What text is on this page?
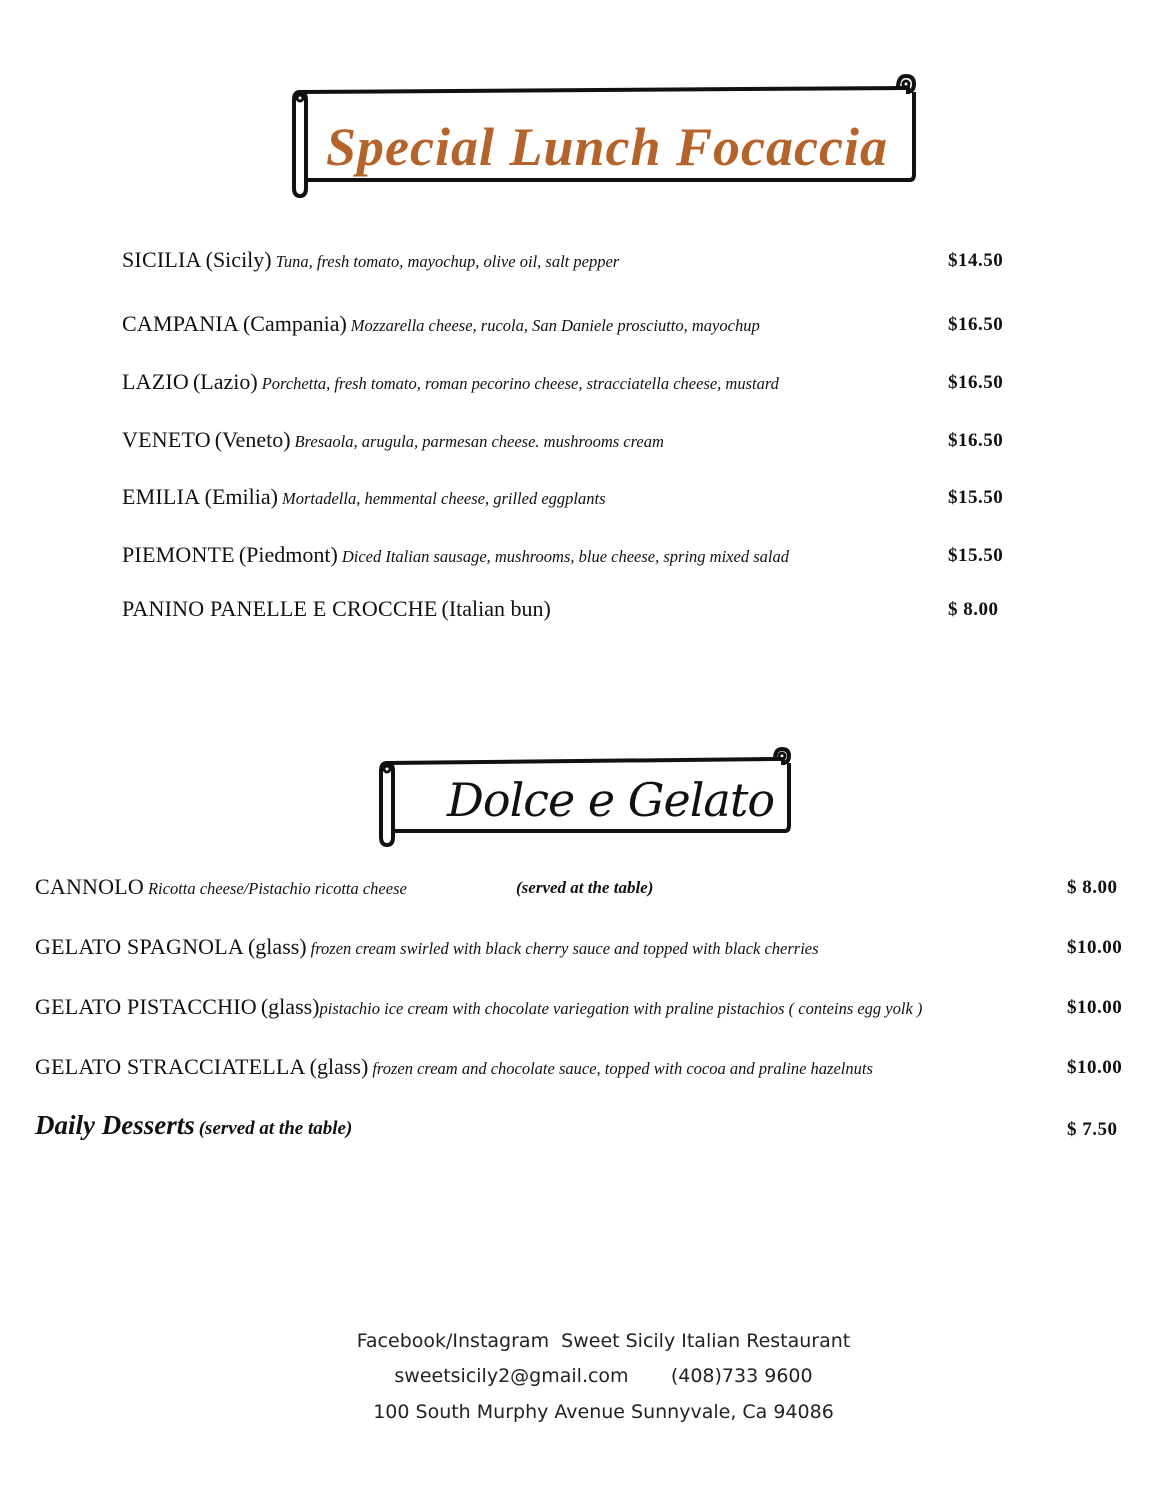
Special Lunch Focaccia
SICILIA (Sicily) Tuna, fresh tomato, mayochup, olive oil, salt pepper	$14.50
CAMPANIA (Campania) Mozzarella cheese, rucola, San Daniele prosciutto, mayochup	$16.50
LAZIO (Lazio) Porchetta, fresh tomato, roman pecorino cheese, stracciatella cheese, mustard	$16.50
VENETO (Veneto) Bresaola, arugula, parmesan cheese. mushrooms cream	$16.50
EMILIA (Emilia) Mortadella, hemmental cheese, grilled eggplants	$15.50
PIEMONTE (Piedmont) Diced Italian sausage, mushrooms, blue cheese, spring mixed salad	$15.50
PANINO PANELLE E CROCCHE (Italian bun)	$ 8.00
Dolce e Gelato
CANNOLO Ricotta cheese/Pistachio ricotta cheese	(served at the table)	$ 8.00
GELATO SPAGNOLA (glass) frozen cream swirled with black cherry sauce and topped with black cherries	$10.00
GELATO PISTACCHIO (glass)pistachio ice cream with chocolate variegation with praline pistachios ( conteins egg yolk )	$10.00
GELATO STRACCIATELLA (glass) frozen cream and chocolate sauce, topped with cocoa and praline hazelnuts	$10.00
Daily Desserts (served at the table)	$ 7.50
Facebook/Instagram  Sweet Sicily Italian Restaurant
sweetsicily2@gmail.com (408)733 9600
100 South Murphy Avenue Sunnyvale, Ca 94086
